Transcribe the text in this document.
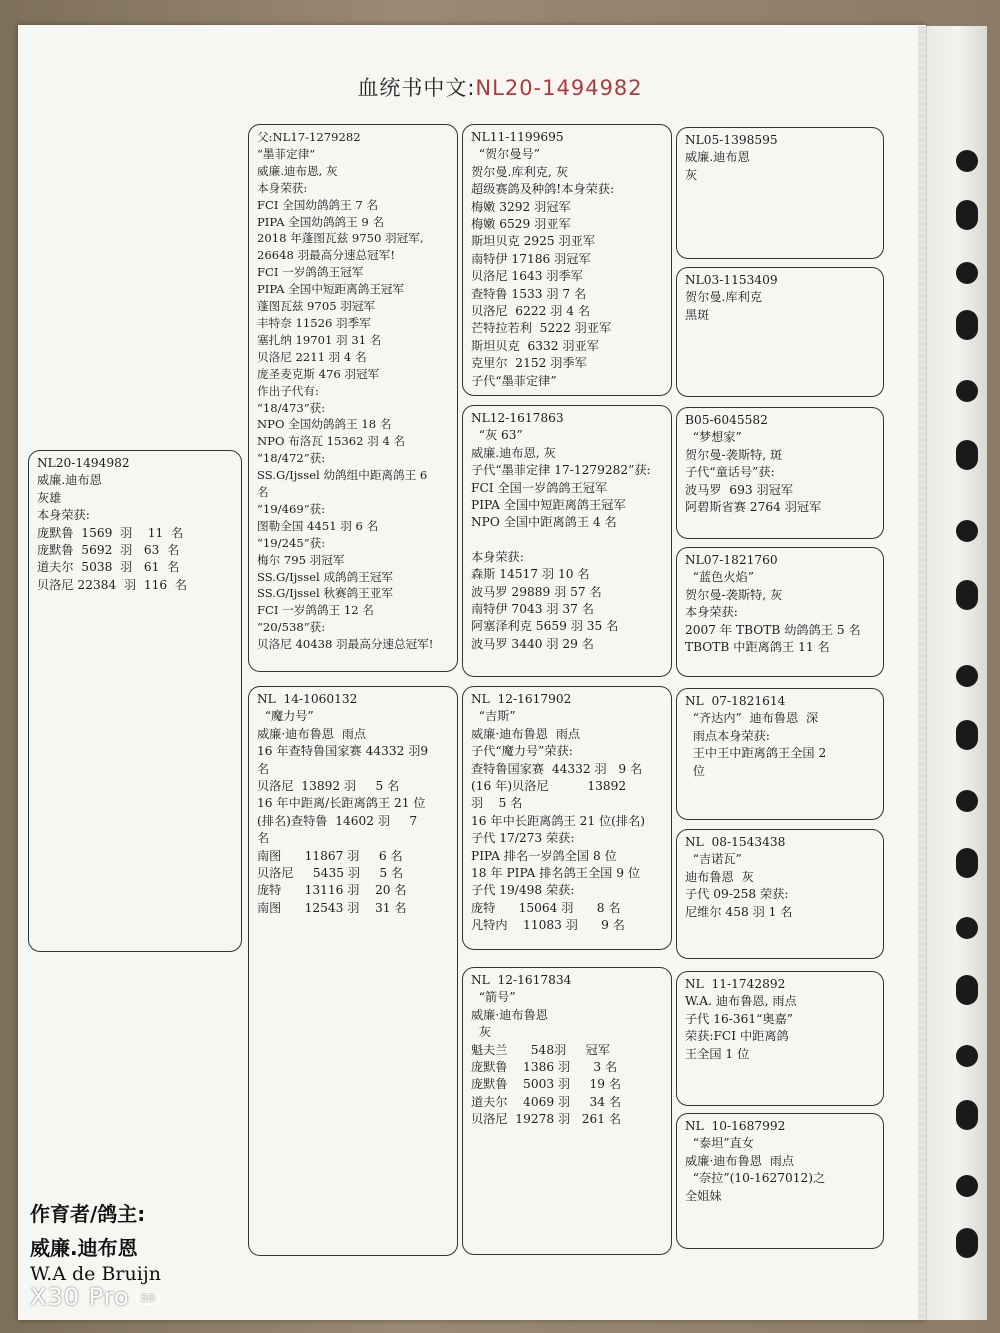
血统书中文:NL20-1494982
NL20-1494982
威廉.迪布恩
灰雄
本身荣获:
庞默鲁  1569  羽    11  名
庞默鲁  5692  羽   63  名
道夫尔  5038  羽   61  名
贝洛尼 22384  羽  116  名
父:NL17-1279282
“墨菲定律”
威廉.迪布恩, 灰
本身荣获:
FCI 全国幼鸽鸽王 7 名
PIPA 全国幼鸽鸽王 9 名
2018 年蓬图瓦兹 9750 羽冠军,
26648 羽最高分速总冠军!
FCI 一岁鸽鸽王冠军
PIPA 全国中短距离鸽王冠军
蓬图瓦兹 9705 羽冠军
丰特奈 11526 羽季军
塞扎纳 19701 羽 31 名
贝洛尼 2211 羽 4 名
庞圣麦克斯 476 羽冠军
作出子代有:
“18/473”获:
NPO 全国幼鸽鸽王 18 名
NPO 布洛瓦 15362 羽 4 名
“18/472”获:
SS.G/Ijssel 幼鸽组中距离鸽王 6
名
“19/469”获:
图勒全国 4451 羽 6 名
“19/245”获:
梅尔 795 羽冠军
SS.G/Ijssel 成鸽鸽王冠军
SS.G/Ijssel 秋赛鸽王亚军
FCI 一岁鸽鸽王 12 名
“20/538”获:
贝洛尼 40438 羽最高分速总冠军!
NL  14-1060132
“魔力号”
威廉·迪布鲁恩  雨点
16 年查特鲁国家赛 44332 羽9
名
贝洛尼  13892 羽     5 名
16 年中距离/长距离鸽王 21 位
(排名)查特鲁  14602 羽     7
名
南图      11867 羽     6 名
贝洛尼     5435 羽     5 名
庞特      13116 羽    20 名
南图      12543 羽    31 名
NL11-1199695
“贺尔曼号”
贺尔曼.库利克, 灰
超级赛鸽及种鸽!本身荣获:
梅嫩 3292 羽冠军
梅嫩 6529 羽亚军
斯坦贝克 2925 羽亚军
南特伊 17186 羽冠军
贝洛尼 1643 羽季军
查特鲁 1533 羽 7 名
贝洛尼  6222 羽 4 名
芒特拉若利  5222 羽亚军
斯坦贝克  6332 羽亚军
克里尔  2152 羽季军
子代“墨菲定律”
NL12-1617863
“灰 63”
威廉.迪布恩, 灰
子代“墨菲定律 17-1279282”获:
FCI 全国一岁鸽鸽王冠军
PIPA 全国中短距离鸽王冠军
NPO 全国中距离鸽王 4 名
本身荣获:
森斯 14517 羽 10 名
波马罗 29889 羽 57 名
南特伊 7043 羽 37 名
阿塞泽利克 5659 羽 35 名
波马罗 3440 羽 29 名
NL  12-1617902
“吉斯”
威廉·迪布鲁恩  雨点
子代“魔力号”荣获:
查特鲁国家赛  44332 羽   9 名
(16 年)贝洛尼          13892
羽    5 名
16 年中长距离鸽王 21 位(排名)
子代 17/273 荣获:
PIPA 排名一岁鸽全国 8 位
18 年 PIPA 排名鸽王全国 9 位
子代 19/498 荣获:
庞特      15064 羽      8 名
凡特内    11083 羽      9 名
NL  12-1617834
“箭号”
威廉·迪布鲁恩
灰
魁夫兰      548羽     冠军
庞默鲁    1386 羽      3 名
庞默鲁    5003 羽     19 名
道夫尔    4069 羽     34 名
贝洛尼  19278 羽   261 名
NL05-1398595
威廉.迪布恩
灰
NL03-1153409
贺尔曼.库利克
黑斑
B05-6045582
“梦想家”
贺尔曼-袭斯特, 斑
子代“童话号”获:
波马罗  693 羽冠军
阿碧斯省赛 2764 羽冠军
NL07-1821760
“蓝色火焰”
贺尔曼-袭斯特, 灰
本身荣获:
2007 年 TBOTB 幼鸽鸽王 5 名
TBOTB 中距离鸽王 11 名
NL  07-1821614
“齐达内”  迪布鲁恩  深
雨点本身荣获:
王中王中距离鸽王全国 2
位
NL  08-1543438
“吉诺瓦”
迪布鲁恩  灰
子代 09-258 荣获:
尼维尔 458 羽 1 名
NL  11-1742892
W.A. 迪布鲁恩, 雨点
子代 16-361“奥嘉”
荣获:FCI 中距离鸽
王全国 1 位
NL  10-1687992
“泰坦”直女
威廉·迪布鲁恩  雨点
“奈拉”(10-1627012)之
全姐妹
作育者/鸽主:
威廉.迪布恩
W.A de Bruijn
X30 Pro 5G
